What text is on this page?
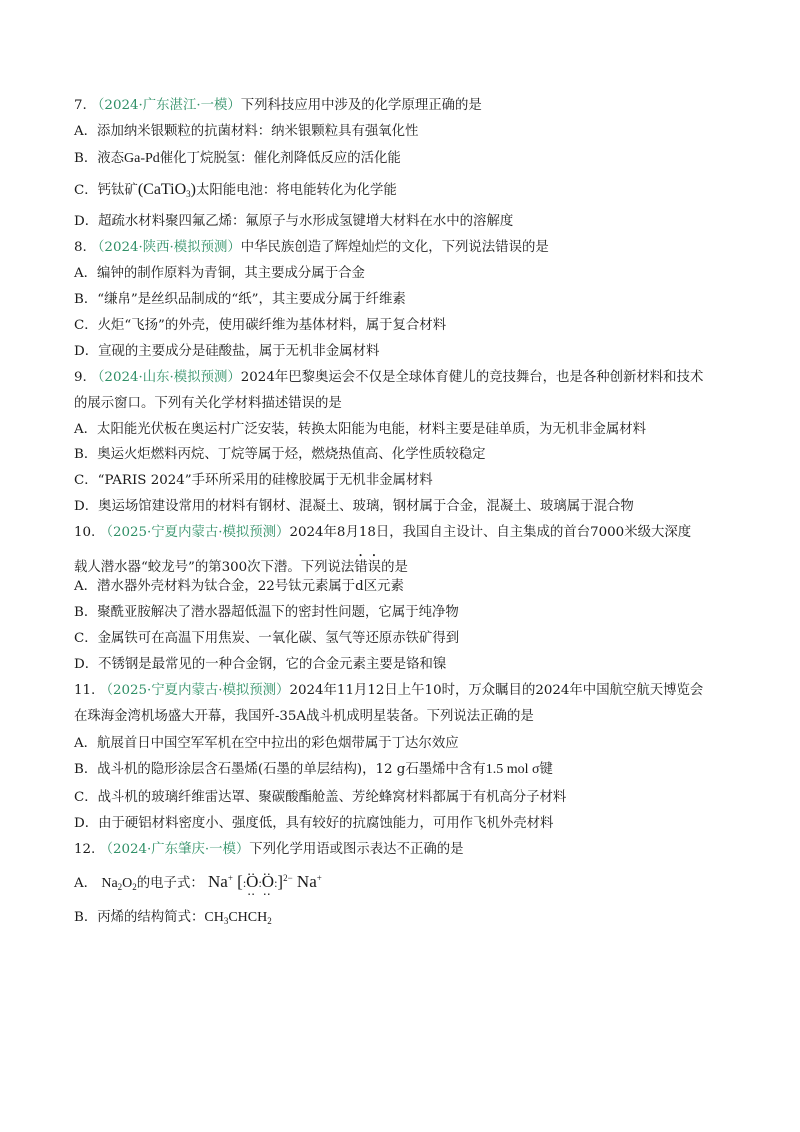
7. （2024·广东湛江·一模）下列科技应用中涉及的化学原理正确的是
A．添加纳米银颗粒的抗菌材料：纳米银颗粒具有强氧化性
B．液态Ga-Pd催化丁烷脱氢：催化剂降低反应的活化能
C．钙钛矿(CaTiO$_3$)太阳能电池：将电能转化为化学能
D．超疏水材料聚四氟乙烯：氟原子与水形成氢键增大材料在水中的溶解度
8. （2024·陕西·模拟预测）中华民族创造了辉煌灿烂的文化，下列说法错误的是
A．编钟的制作原料为青铜，其主要成分属于合金
B．“缣帛”是丝织品制成的“纸”，其主要成分属于纤维素
C．火炬“飞扬”的外壳，使用碳纤维为基体材料，属于复合材料
D．宣砚的主要成分是硅酸盐，属于无机非金属材料
9. （2024·山东·模拟预测）2024年巴黎奥运会不仅是全球体育健儿的竞技舞台，也是各种创新材料和技术
的展示窗口。下列有关化学材料描述错误的是
A．太阳能光伏板在奥运村广泛安装，转换太阳能为电能，材料主要是硅单质，为无机非金属材料
B．奥运火炬燃料丙烷、丁烷等属于烃，燃烧热值高、化学性质较稳定
C．“PARIS 2024”手环所采用的硅橡胶属于无机非金属材料
D．奥运场馆建设常用的材料有钢材、混凝土、玻璃，钢材属于合金，混凝土、玻璃属于混合物
10. （2025·宁夏内蒙古·模拟预测）2024年8月18日，我国自主设计、自主集成的首台7000米级大深度
载人潜水器“蛟龙号”的第300次下潜。下列说法错误的是
A．潜水器外壳材料为钛合金，22号钛元素属于d区元素
B．聚酰亚胺解决了潜水器超低温下的密封性问题，它属于纯净物
C．金属铁可在高温下用焦炭、一氧化碳、氢气等还原赤铁矿得到
D．不锈钢是最常见的一种合金钢，它的合金元素主要是铬和镍
11. （2025·宁夏内蒙古·模拟预测）2024年11月12日上午10时，万众瞩目的2024年中国航空航天博览会
在珠海金湾机场盛大开幕，我国歼-35A战斗机成明星装备。下列说法正确的是
A．航展首日中国空军军机在空中拉出的彩色烟带属于丁达尔效应
B．战斗机的隐形涂层含石墨烯(石墨的单层结构)，12 g石墨烯中含有1.5 mol σ键
C．战斗机的玻璃纤维雷达罩、聚碳酸酯舱盖、芳纶蜂窝材料都属于有机高分子材料
D．由于硬铝材料密度小、强度低，具有较好的抗腐蚀能力，可用作飞机外壳材料
12. （2024·广东肇庆·一模）下列化学用语或图示表达不正确的是
A． $Na_2O_2$的电子式： Na+ [:‥ O ‥:‥ O ‥:]$^{2-}$ Na+
B．丙烯的结构简式：$CH_3CHCH_2$
